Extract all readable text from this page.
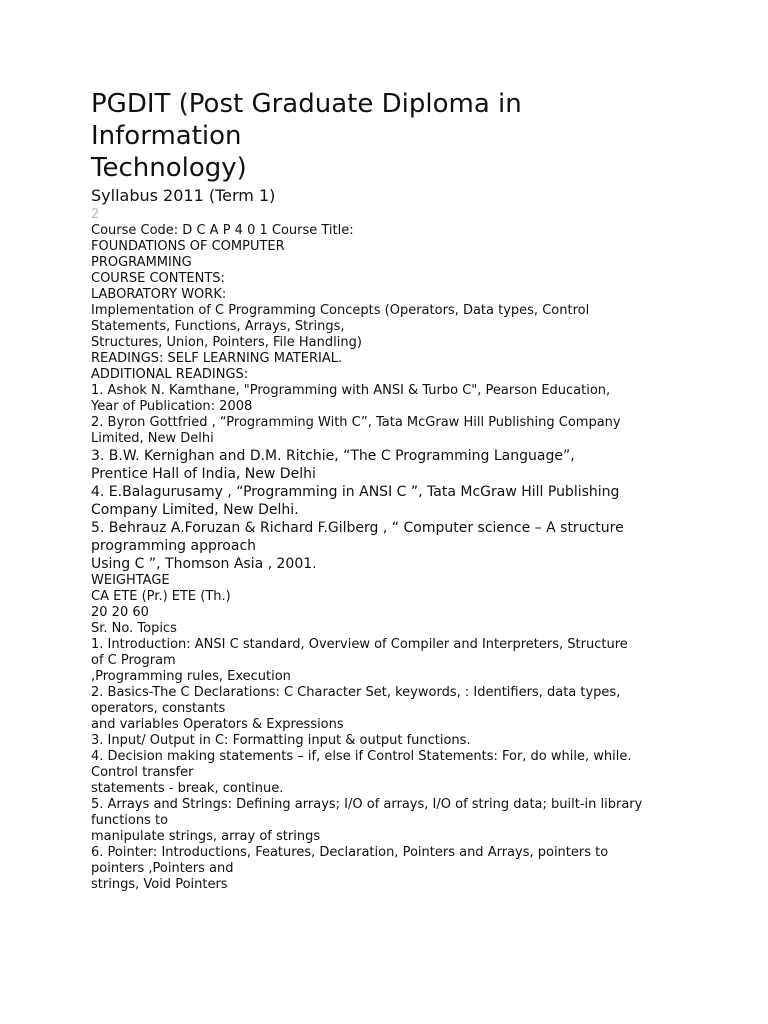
PGDIT (Post Graduate Diploma in
Information
Technology)
Syllabus 2011 (Term 1)
2
Course Code: D C A P 4 0 1 Course Title:
FOUNDATIONS OF COMPUTER
PROGRAMMING
COURSE CONTENTS:
LABORATORY WORK:
Implementation of C Programming Concepts (Operators, Data types, Control
Statements, Functions, Arrays, Strings,
Structures, Union, Pointers, File Handling)
READINGS: SELF LEARNING MATERIAL.
ADDITIONAL READINGS:
1. Ashok N. Kamthane, "Programming with ANSI & Turbo C", Pearson Education,
Year of Publication: 2008
2. Byron Gottfried , “Programming With C”, Tata McGraw Hill Publishing Company
Limited, New Delhi
3. B.W. Kernighan and D.M. Ritchie, “The C Programming Language”,
Prentice Hall of India, New Delhi
4. E.Balagurusamy , “Programming in ANSI C ”, Tata McGraw Hill Publishing
Company Limited, New Delhi.
5. Behrauz A.Foruzan & Richard F.Gilberg , “ Computer science – A structure
programming approach
Using C ”, Thomson Asia , 2001.
WEIGHTAGE
CA ETE (Pr.) ETE (Th.)
20 20 60
Sr. No. Topics
1. Introduction: ANSI C standard, Overview of Compiler and Interpreters, Structure
of C Program
,Programming rules, Execution
2. Basics-The C Declarations: C Character Set, keywords, : Identifiers, data types,
operators, constants
and variables Operators & Expressions
3. Input/ Output in C: Formatting input & output functions.
4. Decision making statements – if, else if Control Statements: For, do while, while.
Control transfer
statements - break, continue.
5. Arrays and Strings: Defining arrays; I/O of arrays, I/O of string data; built-in library
functions to
manipulate strings, array of strings
6. Pointer: Introductions, Features, Declaration, Pointers and Arrays, pointers to
pointers ,Pointers and
strings, Void Pointers
